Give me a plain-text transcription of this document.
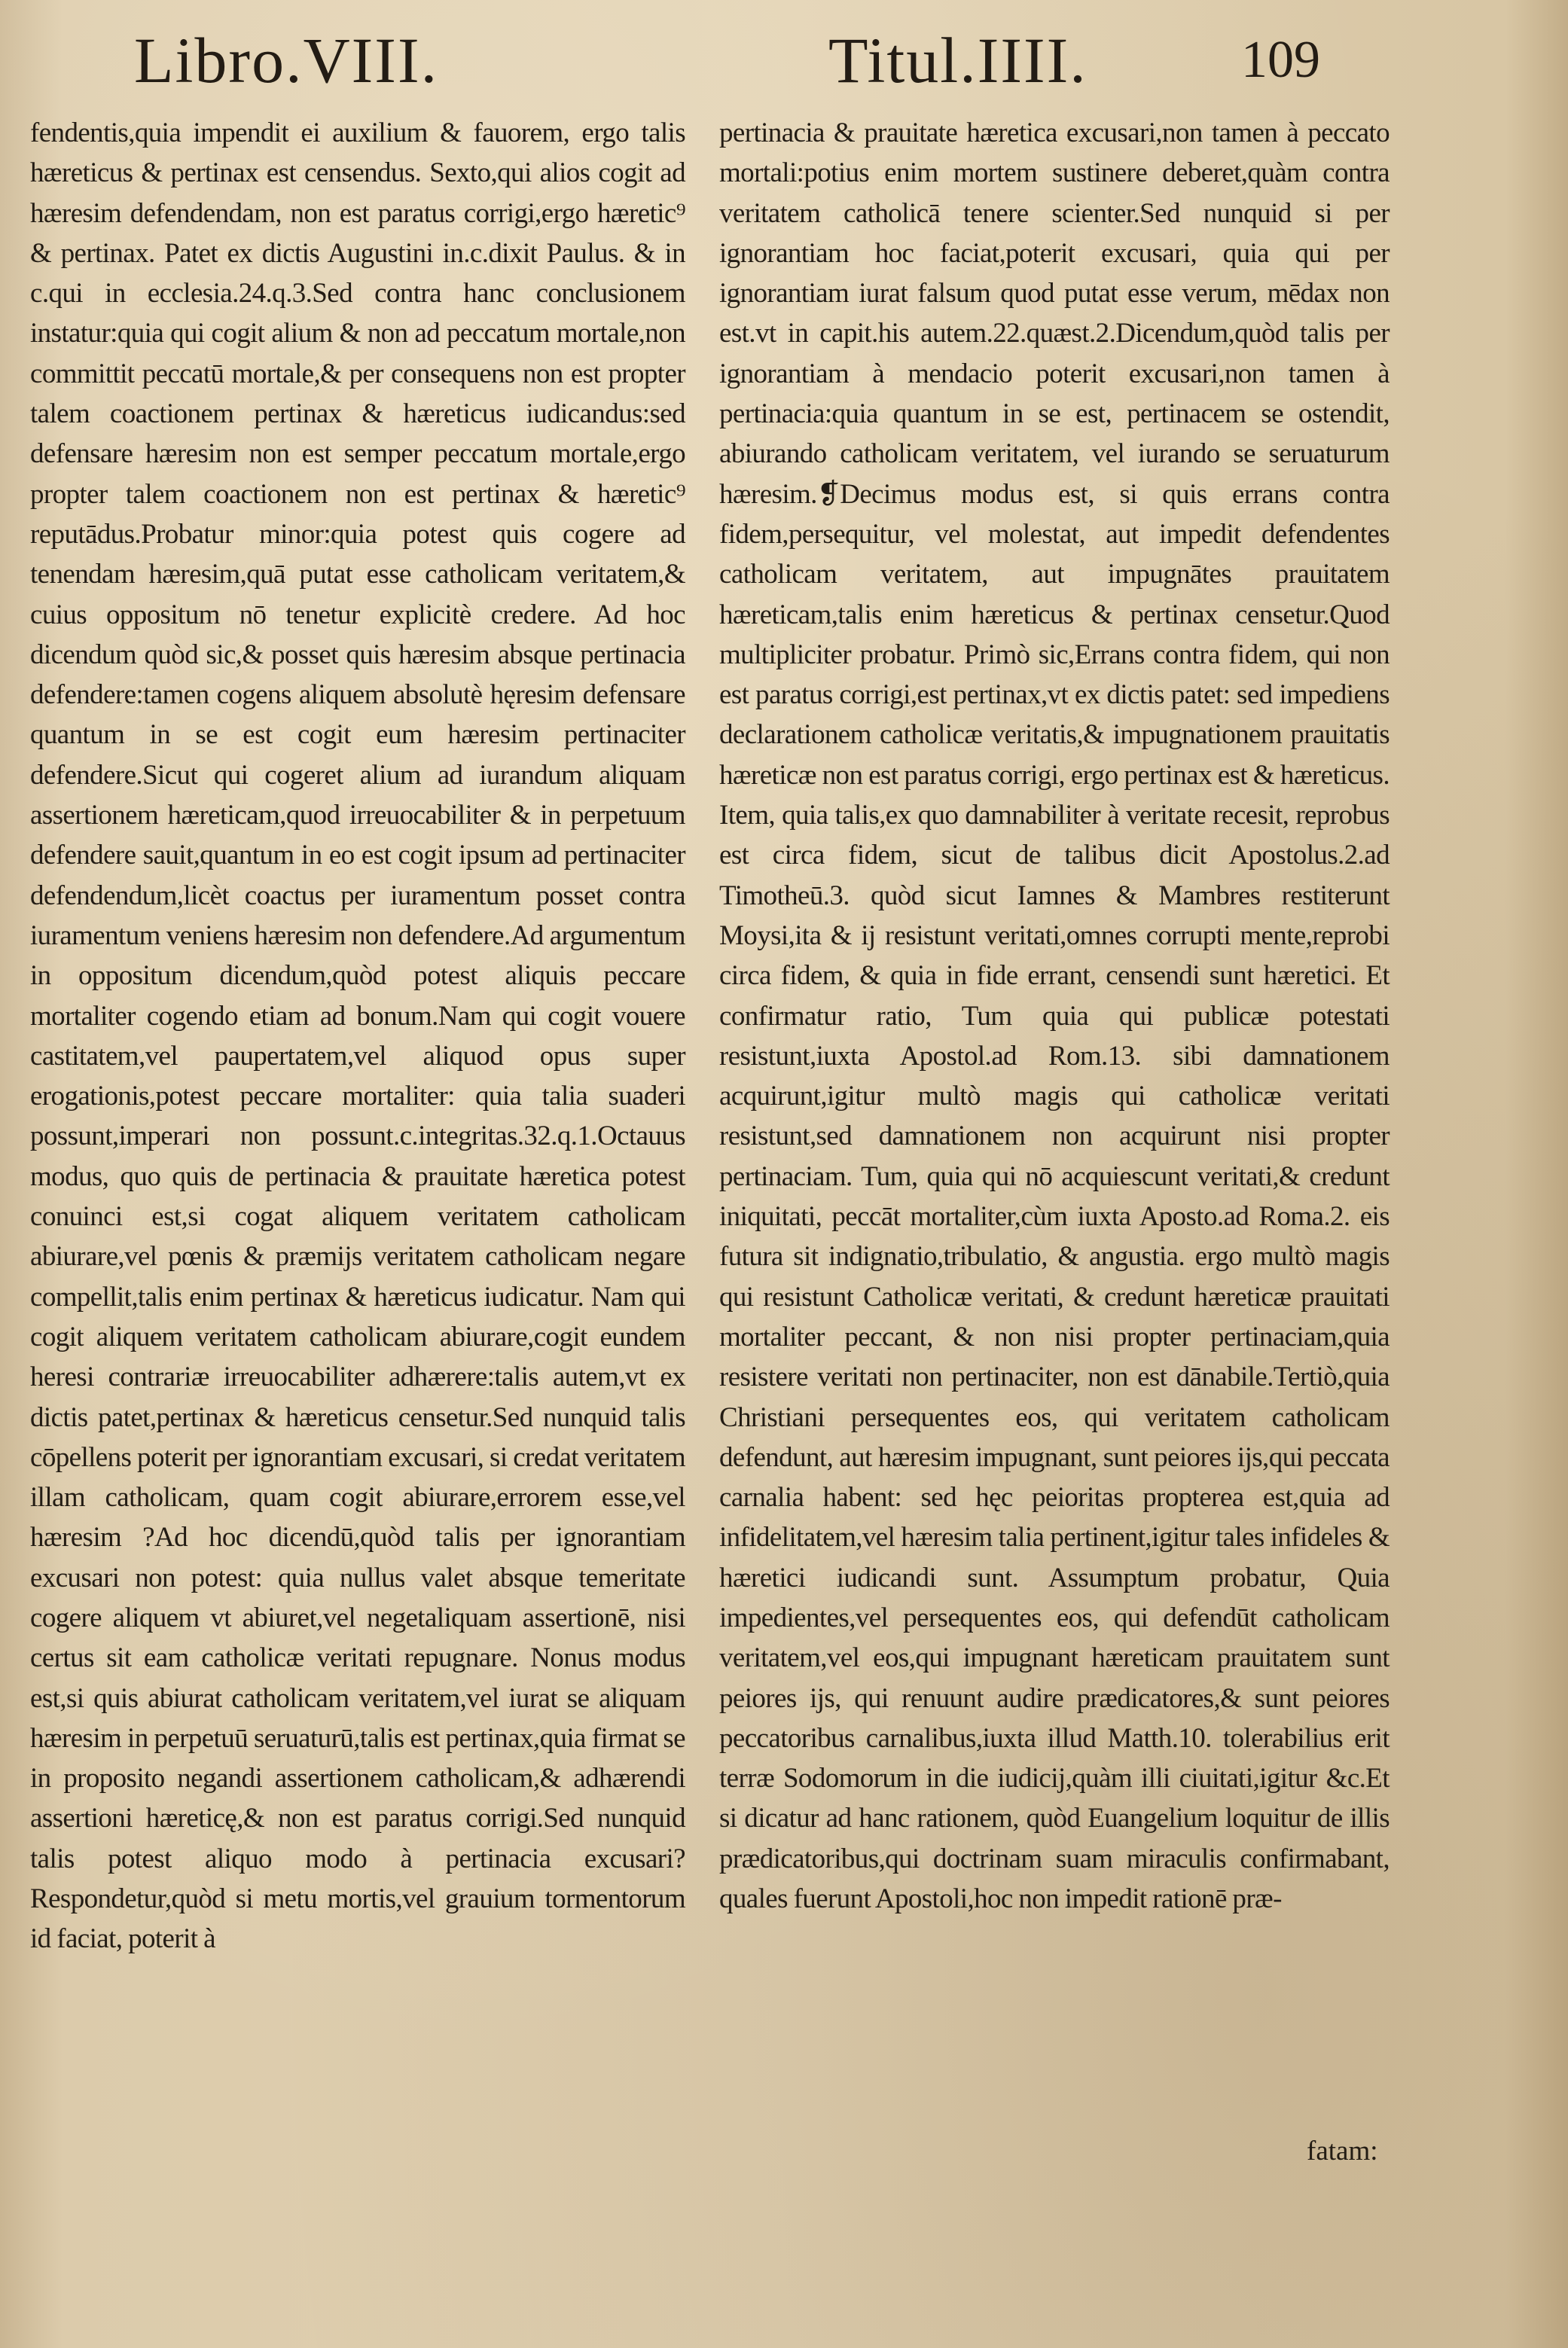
Libro.VIII.	Titul.IIII.	109
fendentis,quia impendit ei auxilium & fauorem, ergo talis hæreticus & pertinax est censendus. Sexto,qui alios cogit ad hæresim defendendam, non est paratus corrigi,ergo hæretic⁹ & pertinax. Patet ex dictis Augustini in.c.dixit Paulus. & in c.qui in ecclesia.24.q.3.Sed contra hanc conclusionem instatur:quia qui cogit alium & non ad peccatum mortale,non committit peccatū mortale,& per consequens non est propter talem coactionem pertinax & hæreticus iudicandus:sed defensare hæresim non est semper peccatum mortale,ergo propter talem coactionem non est pertinax & hæretic⁹ reputādus.Probatur minor:quia potest quis cogere ad tenendam hæresim,quā putat esse catholicam veritatem,& cuius oppositum nō tenetur explicitè credere. Ad hoc dicendum quòd sic,& posset quis hæresim absque pertinacia defendere:tamen cogens aliquem absolutè hęresim defensare quantum in se est cogit eum hæresim pertinaciter defendere.Sicut qui cogeret alium ad iurandum aliquam assertionem hæreticam,quod irreuocabiliter & in perpetuum defendere sauit,quantum in eo est cogit ipsum ad pertinaciter defendendum,licèt coactus per iuramentum posset contra iuramentum veniens hæresim non defendere.Ad argumentum in oppositum dicendum,quòd potest aliquis peccare mortaliter cogendo etiam ad bonum.Nam qui cogit vouere castitatem,vel paupertatem,vel aliquod opus super erogationis,potest peccare mortaliter: quia talia suaderi possunt,imperari non possunt.c.integritas.32.q.1.Octauus modus, quo quis de pertinacia & prauitate hæretica potest conuinci est,si cogat aliquem veritatem catholicam abiurare,vel pœnis & præmijs veritatem catholicam negare compellit,talis enim pertinax & hæreticus iudicatur. Nam qui cogit aliquem veritatem catholicam abiurare,cogit eundem heresi contrariæ irreuocabiliter adhærere:talis autem,vt ex dictis patet,pertinax & hæreticus censetur.Sed nunquid talis cōpellens poterit per ignorantiam excusari, si credat veritatem illam catholicam, quam cogit abiurare,errorem esse,vel hæresim ?Ad hoc dicendū,quòd talis per ignorantiam excusari non potest: quia nullus valet absque temeritate cogere aliquem vt abiuret,vel negetaliquam assertionē, nisi certus sit eam catholicæ veritati repugnare. Nonus modus est,si quis abiurat catholicam veritatem,vel iurat se aliquam hæresim in perpetuū seruaturū,talis est pertinax,quia firmat se in proposito negandi assertionem catholicam,& adhærendi assertioni hæreticę,& non est paratus corrigi.Sed nunquid talis potest aliquo modo à pertinacia excusari?Respondetur,quòd si metu mortis,vel grauium tormentorum id faciat, poterit à
pertinacia & prauitate hæretica excusari,non tamen à peccato mortali:potius enim mortem sustinere deberet,quàm contra veritatem catholicā tenere scienter.Sed nunquid si per ignorantiam hoc faciat,poterit excusari, quia qui per ignorantiam iurat falsum quod putat esse verum, mēdax non est.vt in capit.his autem.22.quæst.2.Dicendum,quòd talis per ignorantiam à mendacio poterit excusari,non tamen à pertinacia:quia quantum in se est, pertinacem se ostendit, abiurando catholicam veritatem, vel iurando se seruaturum hæresim.❡Decimus modus est, si quis errans contra fidem,persequitur, vel molestat, aut impedit defendentes catholicam veritatem, aut impugnātes prauitatem hæreticam,talis enim hæreticus & pertinax censetur.Quod multipliciter probatur. Primò sic,Errans contra fidem, qui non est paratus corrigi,est pertinax,vt ex dictis patet: sed impediens declarationem catholicæ veritatis,& impugnationem prauitatis hæreticæ non est paratus corrigi, ergo pertinax est & hæreticus. Item, quia talis,ex quo damnabiliter à veritate recesit, reprobus est circa fidem, sicut de talibus dicit Apostolus.2.ad Timotheū.3. quòd sicut Iamnes & Mambres restiterunt Moysi,ita & ij resistunt veritati,omnes corrupti mente,reprobi circa fidem, & quia in fide errant, censendi sunt hæretici. Et confirmatur ratio, Tum quia qui publicæ potestati resistunt,iuxta Apostol.ad Rom.13. sibi damnationem acquirunt,igitur multò magis qui catholicæ veritati resistunt,sed damnationem non acquirunt nisi propter pertinaciam. Tum, quia qui nō acquiescunt veritati,& credunt iniquitati, peccāt mortaliter,cùm iuxta Aposto.ad Roma.2. eis futura sit indignatio,tribulatio, & angustia. ergo multò magis qui resistunt Catholicæ veritati, & credunt hæreticæ prauitati mortaliter peccant, & non nisi propter pertinaciam,quia resistere veritati non pertinaciter, non est dānabile.Tertiò,quia Christiani persequentes eos, qui veritatem catholicam defendunt, aut hæresim impugnant, sunt peiores ijs,qui peccata carnalia habent: sed hęc peioritas propterea est,quia ad infidelitatem,vel hæresim talia pertinent,igitur tales infideles & hæretici iudicandi sunt. Assumptum probatur, Quia impedientes,vel persequentes eos, qui defendūt catholicam veritatem,vel eos,qui impugnant hæreticam prauitatem sunt peiores ijs, qui renuunt audire prædicatores,& sunt peiores peccatoribus carnalibus,iuxta illud Matth.10. tolerabilius erit terræ Sodomorum in die iudicij,quàm illi ciuitati,igitur &c.Et si dicatur ad hanc rationem, quòd Euangelium loquitur de illis prædicatoribus,qui doctrinam suam miraculis confirmabant, quales fuerunt Apostoli,hoc non impedit rationē præ-
fatam:
